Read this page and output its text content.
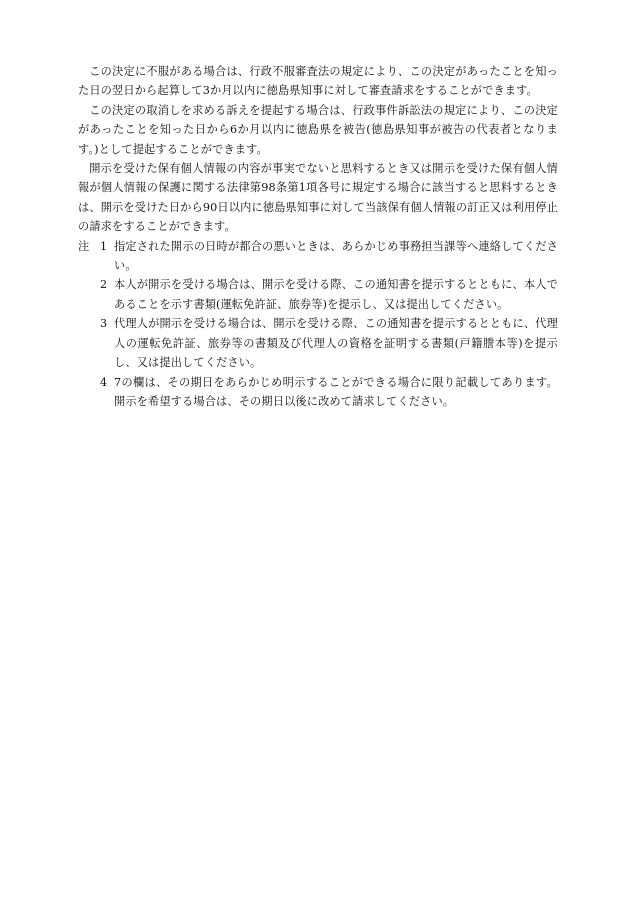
この決定に不服がある場合は、行政不服審査法の規定により、この決定があったことを知った日の翌日から起算して3か月以内に徳島県知事に対して審査請求をすることができます。

この決定の取消しを求める訴えを提起する場合は、行政事件訴訟法の規定により、この決定があったことを知った日から6か月以内に徳島県を被告(徳島県知事が被告の代表者となります。)として提起することができます。

開示を受けた保有個人情報の内容が事実でないと思料するとき又は開示を受けた保有個人情報が個人情報の保護に関する法律第98条第1項各号に規定する場合に該当すると思料するときは、開示を受けた日から90日以内に徳島県知事に対して当該保有個人情報の訂正又は利用停止の請求をすることができます。

注 1 指定された開示の日時が都合の悪いときは、あらかじめ事務担当課等へ連絡してください。
2 本人が開示を受ける場合は、開示を受ける際、この通知書を提示するとともに、本人であることを示す書類(運転免許証、旅券等)を提示し、又は提出してください。
3 代理人が開示を受ける場合は、開示を受ける際、この通知書を提示するとともに、代理人の運転免許証、旅券等の書類及び代理人の資格を証明する書類(戸籍謄本等)を提示し、又は提出してください。
4 7の欄は、その期日をあらかじめ明示することができる場合に限り記載してあります。開示を希望する場合は、その期日以後に改めて請求してください。
